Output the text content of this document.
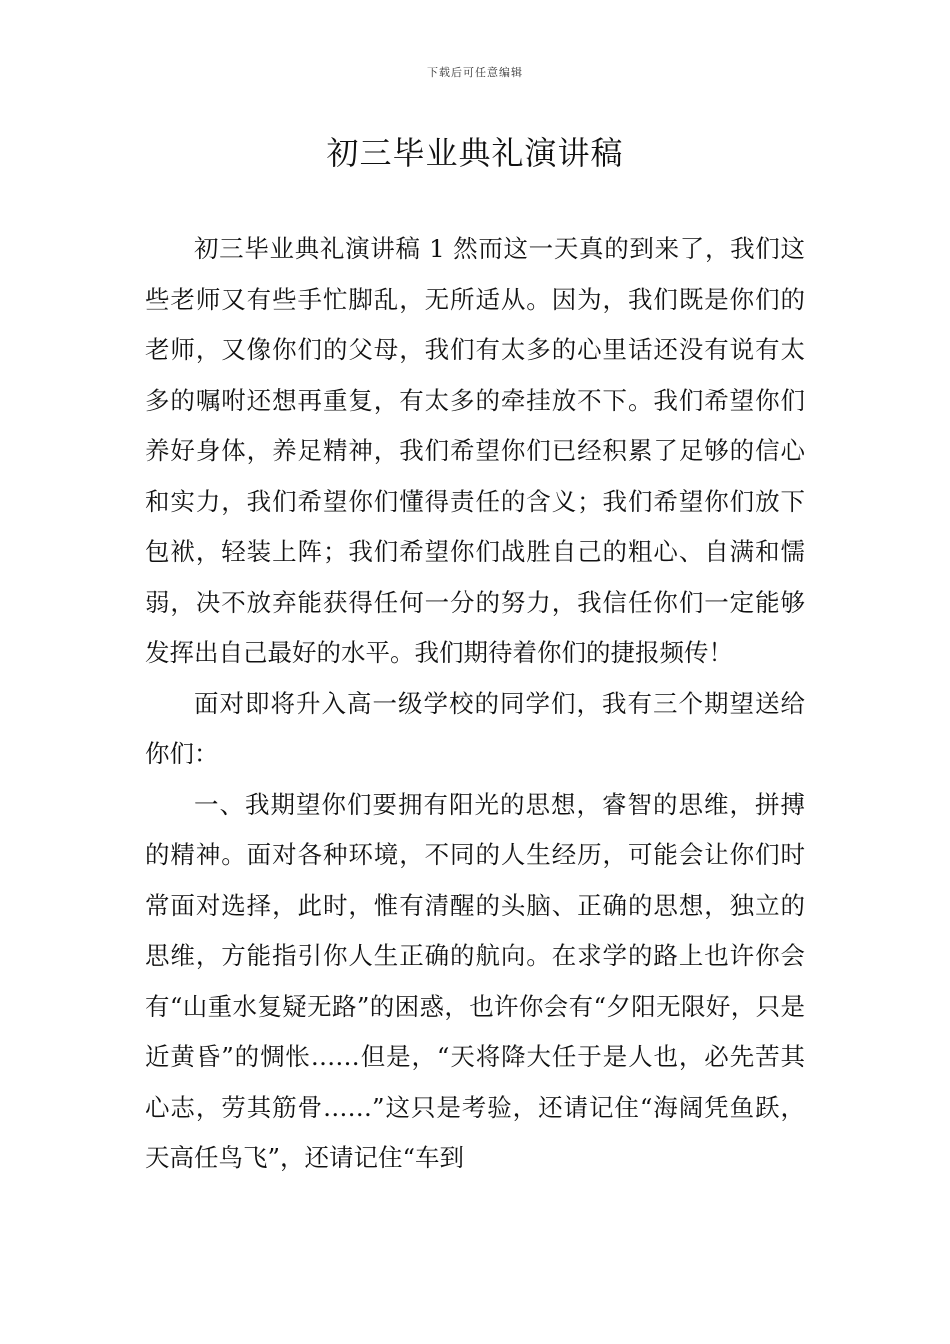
下载后可任意编辑
初三毕业典礼演讲稿

初三毕业典礼演讲稿 1 然而这一天真的到来了，我们这些老师又有些手忙脚乱，无所适从。因为，我们既是你们的老师，又像你们的父母，我们有太多的心里话还没有说有太多的嘱咐还想再重复，有太多的牵挂放不下。我们希望你们养好身体，养足精神，我们希望你们已经积累了足够的信心和实力，我们希望你们懂得责任的含义；我们希望你们放下包袱，轻装上阵；我们希望你们战胜自己的粗心、自满和懦弱，决不放弃能获得任何一分的努力，我信任你们一定能够发挥出自己最好的水平。我们期待着你们的捷报频传！

面对即将升入高一级学校的同学们，我有三个期望送给你们：

一、我期望你们要拥有阳光的思想，睿智的思维，拼搏的精神。面对各种环境，不同的人生经历，可能会让你们时常面对选择，此时，惟有清醒的头脑、正确的思想，独立的思维，方能指引你人生正确的航向。在求学的路上也许你会有“山重水复疑无路”的困惑，也许你会有“夕阳无限好，只是近黄昏”的惆怅……但是，“天将降大任于是人也，必先苦其心志，劳其筋骨……”这只是考验，还请记住“海阔凭鱼跃，天高任鸟飞”，还请记住“车到
